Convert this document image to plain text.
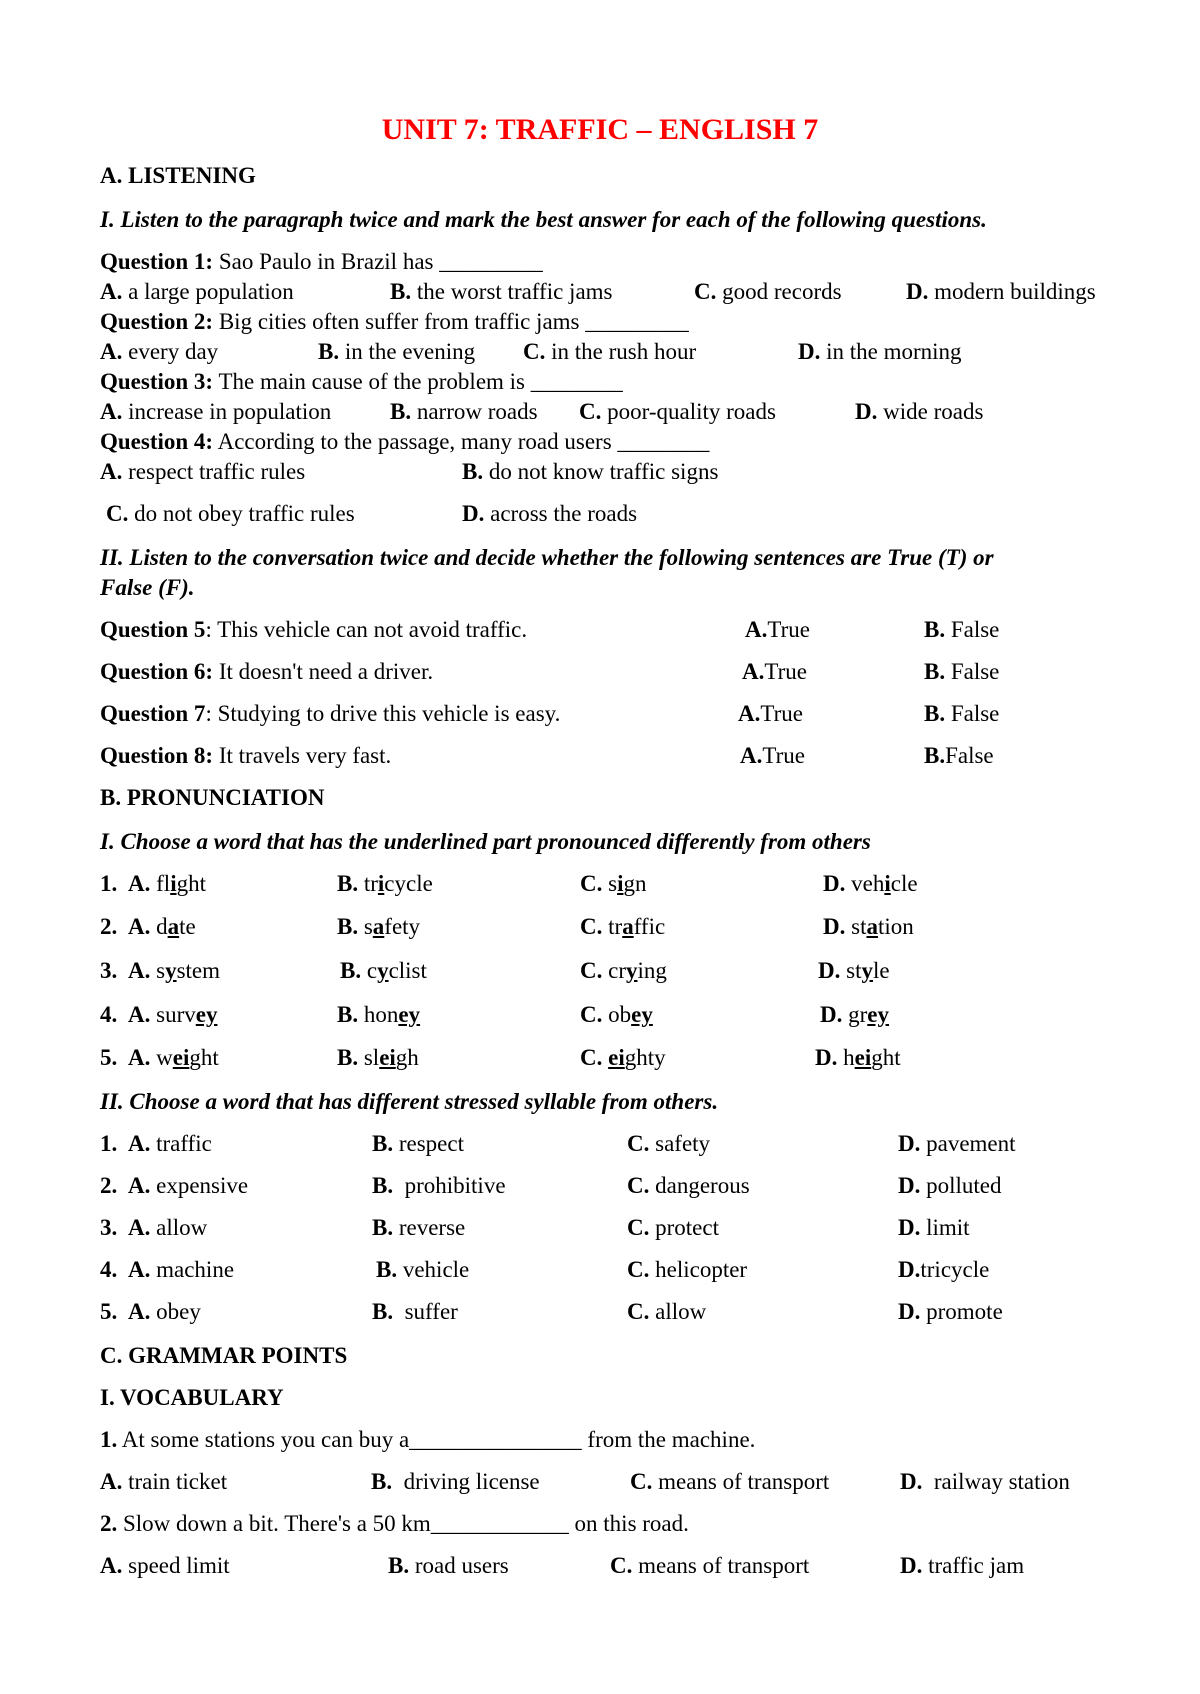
UNIT 7: TRAFFIC – ENGLISH 7
A. LISTENING
I. Listen to the paragraph twice and mark the best answer for each of the following questions.
Question 1: Sao Paulo in Brazil has _________
A. a large population	B. the worst traffic jams	C. good records	D. modern buildings
Question 2: Big cities often suffer from traffic jams _________
A. every day	B. in the evening C. in the rush hour	D. in the morning
Question 3: The main cause of the problem is ________
A. increase in population	B. narrow roads C. poor-quality roads	D. wide roads
Question 4: According to the passage, many road users ________
A. respect traffic rules	B. do not know traffic signs
C. do not obey traffic rules	D. across the roads
II. Listen to the conversation twice and decide whether the following sentences are True (T) or
False (F).
Question 5: This vehicle can not avoid traffic.	A.True	B. False
Question 6: It doesn't need a driver.	A.True	B. False
Question 7: Studying to drive this vehicle is easy.	A.True	B. False
Question 8: It travels very fast.	A.True	B.False
B. PRONUNCIATION
I. Choose a word that has the underlined part pronounced differently from others
1. A. flight	B. tricycle	C. sign	D. vehicle
2. A. date	B. safety	C. traffic	D. station
3. A. system	B. cyclist	C. crying	D. style
4. A. survey	B. honey	C. obey	D. grey
5. A. weight	B. sleigh	C. eighty	D. height
II. Choose a word that has different stressed syllable from others.
1. A. traffic	B. respect	C. safety	D. pavement
2. A. expensive	B.  prohibitive	C. dangerous	D. polluted
3. A. allow	B. reverse	C. protect	D. limit
4. A. machine	B. vehicle	C. helicopter	D.tricycle
5. A. obey	B.  suffer	C. allow	D. promote
C. GRAMMAR POINTS
I. VOCABULARY
1. At some stations you can buy a_______________ from the machine.
A. train ticket	B.  driving license	C. means of transport	D.  railway station
2. Slow down a bit. There's a 50 km____________ on this road.
A. speed limit	B. road users	C. means of transport	D. traffic jam
